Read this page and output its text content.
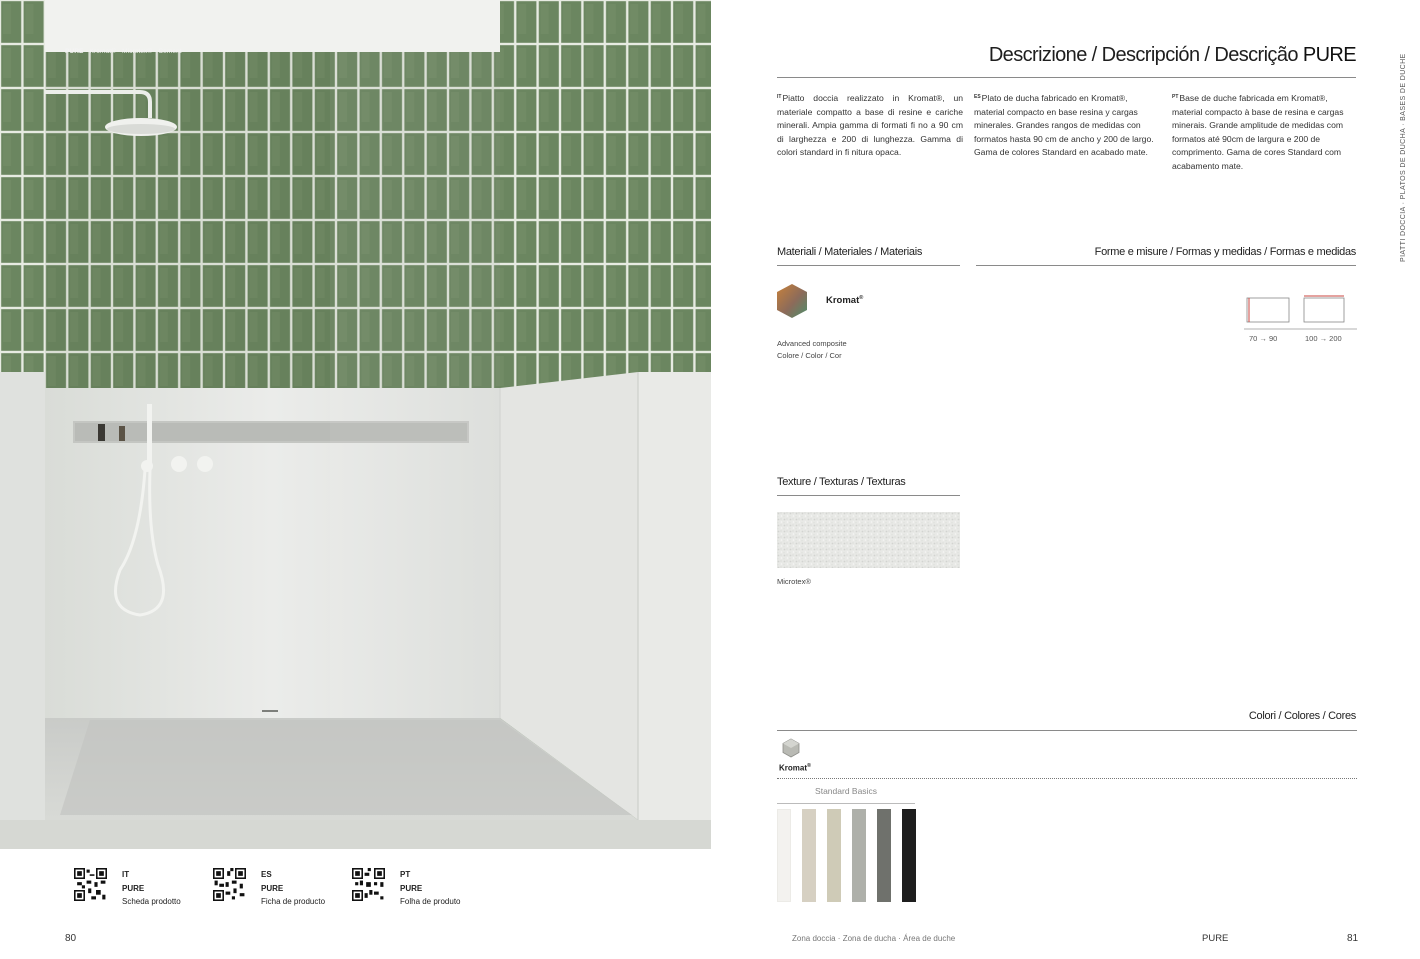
PURE · Kromat® · Microtex® · Cement
IT
PURE
Scheda prodotto
ES
PURE
Ficha de producto
PT
PURE
Folha de produto
80
Descrizione / Descripción / Descrição PURE
$^{IT}$Piatto doccia realizzato in Kromat®, un materiale compatto a base di resine e cariche minerali. Ampia gamma di formati fi no a 90 cm di larghezza e 200 di lunghezza. Gamma di colori standard in fi nitura opaca.
$^{ES}$Plato de ducha fabricado en Kromat®, material compacto en base resina y cargas minerales. Grandes rangos de medidas con formatos hasta 90 cm de ancho y 200 de largo. Gama de colores Standard en acabado mate.
$^{PT}$Base de duche fabricada em Kromat®, material compacto à base de resina e cargas minerais. Grande amplitude de medidas com formatos até 90cm de largura e 200 de comprimento. Gama de cores Standard com acabamento mate.
Materiali / Materiales / Materiais
Kromat®
Advanced composite
Colore / Color / Cor
Forme e misure / Formas y medidas / Formas e medidas
70 → 90	100 → 200
Texture / Texturas / Texturas
Microtex®
Colori / Colores / Cores
Kromat®
Standard Basics
PIATTI DOCCIA · PLATOS DE DUCHA · BASES DE DUCHE
Zona doccia · Zona de ducha · Área de duche	PURE	81
